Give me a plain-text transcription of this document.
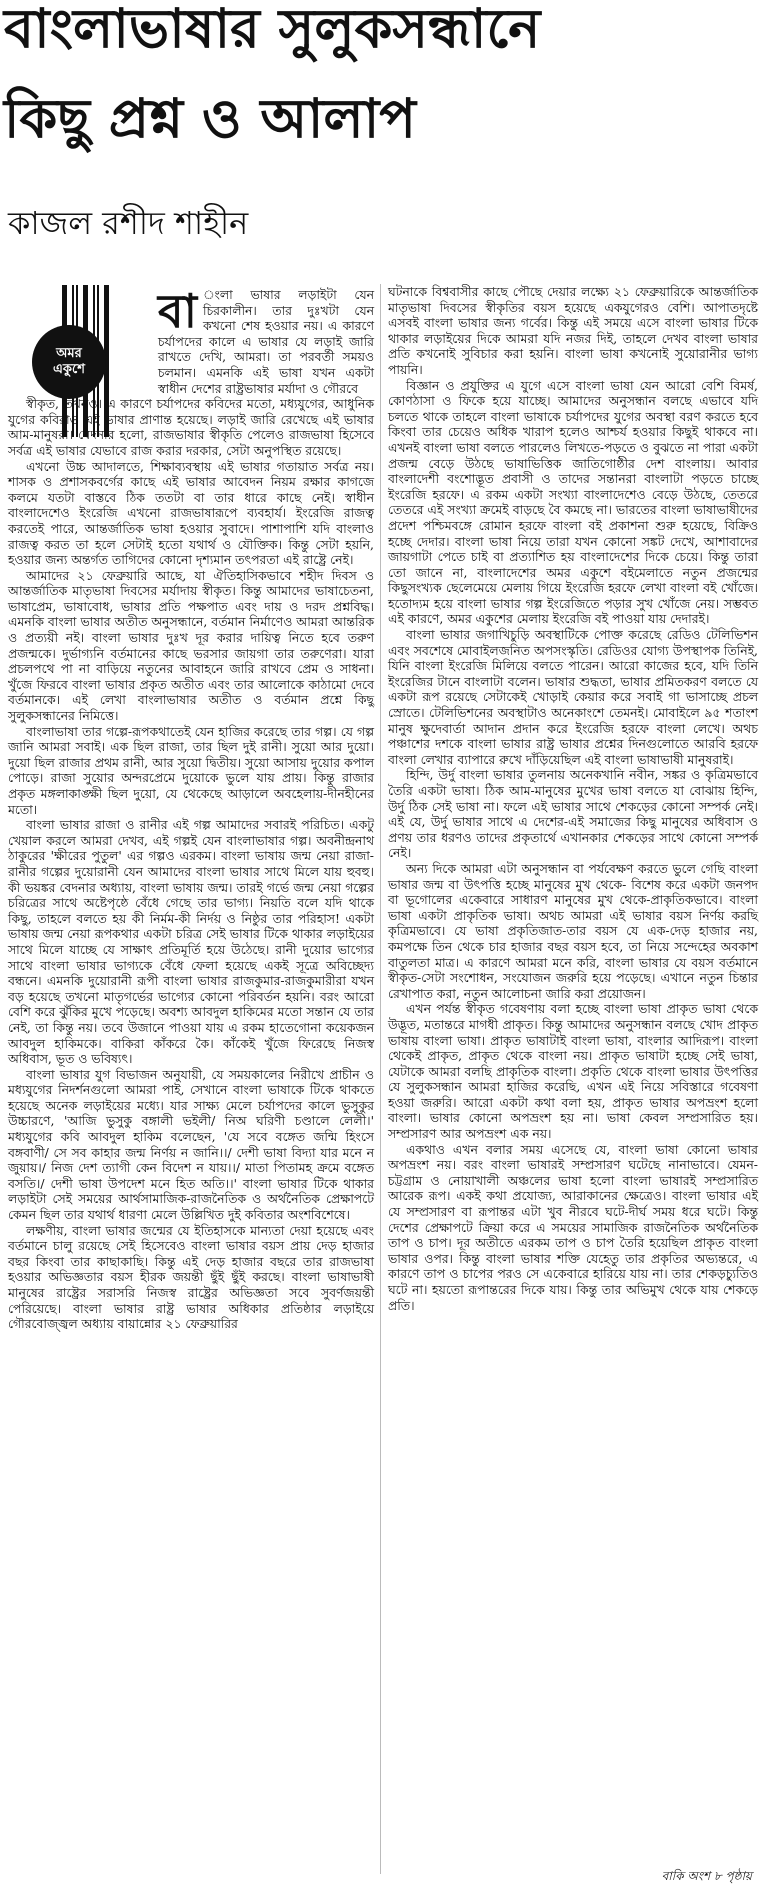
বাংলাভাষার সুলুকসন্ধানে
কিছু প্রশ্ন ও আলাপ
কাজল রশীদ শাহীন
অমর
একুশে

বা ংলা ভাষার লড়াইটা যেন চিরকালীন। তার দুঃখটা যেন কখনো শেষ হওয়ার নয়। এ কারণে চর্যাপদের কালে এ ভাষার যে লড়াই জারি রাখতে দেখি, আমরা। তা পরবর্তী সময়ও চলমান। এমনকি এই ভাষা যখন একটা স্বাধীন দেশের রাষ্ট্রভাষার মর্যাদা ও গৌরবে

স্বীকৃত, তখনও। এ কারণে চর্যাপদের কবিদের মতো, মধ্যযুগের, আধুনিক যুগের কবিরাও এই ভাষার প্রাণান্ত হয়েছে। লড়াই জারি রেখেছে এই ভাষার আম-মানুষরা। বেদনার হলো, রাজভাষার স্বীকৃতি পেলেও রাজভাষা হিসেবে সর্বত্র এই ভাষার যেভাবে রাজ করার দরকার, সেটা অনুপস্থিত রয়েছে।

এখনো উচ্চ আদালতে, শিক্ষাব্যবস্থায় এই ভাষার গতায়াত সর্বত্র নয়। শাসক ও প্রশাসকবর্গের কাছে এই ভাষার আবেদন নিয়ম রক্ষার কাগজে কলমে যতটা বাস্তবে ঠিক ততটা বা তার ধারে কাছে নেই। স্বাধীন বাংলাদেশেও ইংরেজি এখনো রাজভাষারূপে ব্যবহার্য। ইংরেজি রাজত্ব করতেই পারে, আন্তর্জাতিক ভাষা হওয়ার সুবাদে। পাশাপাশি যদি বাংলাও রাজত্ব করত তা হলে সেটাই হতো যথার্থ ও যৌক্তিক। কিন্তু সেটা হয়নি, হওয়ার জন্য অন্তর্গত তাগিদের কোনো দৃশ্যমান তৎপরতা এই রাষ্ট্রে নেই।

আমাদের ২১ ফেব্রুয়ারি আছে, যা ঐতিহাসিকভাবে শহীদ দিবস ও আন্তর্জাতিক মাতৃভাষা দিবসের মর্যাদায় স্বীকৃত। কিন্তু আমাদের ভাষাচেতনা, ভাষাপ্রেম, ভাষাবোধ, ভাষার প্রতি পক্ষপাত এবং দায় ও দরদ প্রশ্নবিদ্ধ। এমনকি বাংলা ভাষার অতীত অনুসন্ধানে, বর্তমান নির্মাণেও আমরা আন্তরিক ও প্রত্যয়ী নই। বাংলা ভাষার দুঃখ দূর করার দায়িত্ব নিতে হবে তরুণ প্রজন্মকে। দুর্ভাগ্যনি বর্তমানের কাছে ভরসার জায়গা তার তরুণেরা। যারা প্রচলপথে পা না বাড়িয়ে নতুনের আবাহনে জারি রাখবে প্রেম ও সাধনা। খুঁজে ফিরবে বাংলা ভাষার প্রকৃত অতীত এবং তার আলোকে কাঠামো দেবে বর্তমানকে। এই লেখা বাংলাভাষার অতীত ও বর্তমান প্রশ্নে কিছু সুলুকসন্ধানের নিমিত্তে।

বাংলাভাষা তার গল্পে-রূপকথাতেই যেন হাজির করেছে তার গল্প। যে গল্প জানি আমরা সবাই। এক ছিল রাজা, তার ছিল দুই রানী। সুয়ো আর দুয়ো। দুয়ো ছিল রাজার প্রথম রানী, আর সুয়ো দ্বিতীয়। সুয়ো আসায় দুয়োর কপাল পোড়ে। রাজা সুয়োর অন্দরপ্রেমে দুয়োকে ভুলে যায় প্রায়। কিন্তু রাজার প্রকৃত মঙ্গলাকাঙ্ক্ষী ছিল দুয়ো, যে থেকেছে আড়ালে অবহেলায়-দীনহীনের মতো।

বাংলা ভাষার রাজা ও রানীর এই গল্প আমাদের সবারই পরিচিত। একটু খেয়াল করলে আমরা দেখব, এই গল্পই যেন বাংলাভাষার গল্প। অবনীন্দ্রনাথ ঠাকুরের 'ক্ষীরের পুতুল' এর গল্পও এরকম। বাংলা ভাষায় জন্ম নেয়া রাজা-রানীর গল্পের দুয়োরানী যেন আমাদের বাংলা ভাষার সাথে মিলে যায় হুবহু। কী ভয়ঙ্কর বেদনার অধ্যায়, বাংলা ভাষায় জন্ম। তারই গর্ভে জন্ম নেয়া গল্পের চরিত্রের সাথে অষ্টেপৃষ্ঠে বেঁধে গেছে তার ভাগ্য। নিয়তি বলে যদি থাকে কিছু, তাহলে বলতে হয় কী নির্মম-কী নির্দয় ও নিষ্ঠুর তার পরিহাস! একটা ভাষায় জন্ম নেয়া রূপকথার একটা চরিত্র সেই ভাষার টিকে থাকার লড়াইয়ের সাথে মিলে যাচ্ছে যে সাক্ষাৎ প্রতিমূর্তি হয়ে উঠেছে। রানী দুয়োর ভাগ্যের সাথে বাংলা ভাষার ভাগ্যকে বেঁধে ফেলা হয়েছে একই সূত্রে অবিচ্ছেদ্য বন্ধনে। এমনকি দুয়োরানী রূপী বাংলা ভাষার রাজকুমার-রাজকুমারীরা যখন বড় হয়েছে তখনো মাতৃগর্ভের ভাগ্যের কোনো পরিবর্তন হয়নি। বরং আরো বেশি করে ঝুঁকির মুখে পড়েছে। অবশ্য আবদুল হাকিমের মতো সন্তান যে তার নেই, তা কিন্তু নয়। তবে উজানে পাওয়া যায় এ রকম হাতেগোনা কয়েকজন আবদুল হাকিমকে। বাকিরা কাঁকরে কৈ। কাঁকেই খুঁজে ফিরেছে নিজস্ব অধিবাস, ভূত ও ভবিষ্যৎ।

বাংলা ভাষার যুগ বিভাজন অনুযায়ী, যে সময়কালের নিরীখে প্রাচীন ও মধ্যযুগের নিদর্শনগুলো আমরা পাই, সেখানে বাংলা ভাষাকে টিকে থাকতে হয়েছে অনেক লড়াইয়ের মধ্যে। যার সাক্ষ্য মেলে চর্যাপদের কালে ভুসুকুর উচ্চারণে, 'আজি ভুসুকু বঙ্গালী ভইলী/ নিঅ ঘরিণী চণ্ডালে লেলী।' মধ্যযুগের কবি আবদুল হাকিম বলেছেন, 'যে সবে বঙ্গেত জন্মি হিংসে বঙ্গবাণী/ সে সব কাহার জন্ম নির্ণয় ন জানি।।/ দেশী ভাষা বিদ্যা যার মনে ন জুয়ায়।/ নিজ দেশ ত্যাগী কেন বিদেশ ন যায়।।/ মাতা পিতামহ ক্রমে বঙ্গেত বসতি।/ দেশী ভাষা উপদেশ মনে হিত অতি।।' বাংলা ভাষার টিকে থাকার লড়াইটা সেই সময়ের আর্থসামাজিক-রাজনৈতিক ও অর্থনৈতিক প্রেক্ষাপটে কেমন ছিল তার যথার্থ ধারণা মেলে উল্লিখিত দুই কবিতার অংশবিশেষে।

লক্ষণীয়, বাংলা ভাষার জন্মের যে ইতিহাসকে মান্যতা দেয়া হয়েছে এবং বর্তমানে চালু রয়েছে সেই হিসেবেও বাংলা ভাষার বয়স প্রায় দেড় হাজার বছর কিংবা তার কাছাকাছি। কিন্তু এই দেড় হাজার বছরে তার রাজভাষা হওয়ার অভিজ্ঞতার বয়স হীরক জয়ন্তী ছুঁই ছুঁই করছে। বাংলা ভাষাভাষী মানুষের রাষ্ট্রের সরাসরি নিজস্ব রাষ্ট্রের অভিজ্ঞতা সবে সুবর্ণজয়ন্তী পেরিয়েছে। বাংলা ভাষার রাষ্ট্র ভাষার অধিকার প্রতিষ্ঠার লড়াইয়ে গৌরবোজ্জ্বল অধ্যায় বায়ান্নোর ২১ ফেব্রুয়ারির

ঘটনাকে বিশ্ববাসীর কাছে পৌছে দেয়ার লক্ষ্যে ২১ ফেব্রুয়ারিকে আন্তর্জাতিক মাতৃভাষা দিবসের স্বীকৃতির বয়স হয়েছে একযুগেরও বেশি। আপাতদৃষ্টে এসবই বাংলা ভাষার জন্য গর্বের। কিন্তু এই সময়ে এসে বাংলা ভাষার টিকে থাকার লড়াইয়ের দিকে আমরা যদি নজর দিই, তাহলে দেখব বাংলা ভাষার প্রতি কখনোই সুবিচার করা হয়নি। বাংলা ভাষা কখনোই সুয়োরানীর ভাগ্য পায়নি।

বিজ্ঞান ও প্রযুক্তির এ যুগে এসে বাংলা ভাষা যেন আরো বেশি বিমর্ষ, কোণঠাসা ও ফিকে হয়ে যাচ্ছে। আমাদের অনুসন্ধান বলছে এভাবে যদি চলতে থাকে তাহলে বাংলা ভাষাকে চর্যাপদের যুগের অবস্থা বরণ করতে হবে কিংবা তার চেয়েও অধিক খারাপ হলেও আশ্চর্য হওয়ার কিছুই থাকবে না। এখনই বাংলা ভাষা বলতে পারলেও লিখতে-পড়তে ও বুঝতে না পারা একটা প্রজন্ম বেড়ে উঠছে ভাষাভিত্তিক জাতিগোষ্ঠীর দেশ বাংলায়। আবার বাংলাদেশী বংশোদ্ভূত প্রবাসী ও তাদের সন্তানরা বাংলাটা পড়তে চাচ্ছে ইংরেজি হরফে। এ রকম একটা সংখ্যা বাংলাদেশেও বেড়ে উঠছে, তেতরে তেতরে এই সংখ্যা ক্রমেই বাড়ছে বৈ কমছে না। ভারতের বাংলা ভাষাভাষীদের প্রদেশ পশ্চিমবঙ্গে রোমান হরফে বাংলা বই প্রকাশনা শুরু হয়েছে, বিক্রিও হচ্ছে দেদার। বাংলা ভাষা নিয়ে তারা যখন কোনো সঙ্কট দেখে, আশাবাদের জায়গাটা পেতে চাই বা প্রত্যাশিত হয় বাংলাদেশের দিকে চেয়ে। কিন্তু তারা তো জানে না, বাংলাদেশের অমর একুশে বইমেলাতে নতুন প্রজন্মের কিছুসংখ্যক ছেলেমেয়ে মেলায় গিয়ে ইংরেজি হরফে লেখা বাংলা বই খোঁজে। হতোদ্যম হয়ে বাংলা ভাষার গল্প ইংরেজিতে পড়ার সুখ খোঁজে নেয়। সম্ভবত এই কারণে, অমর একুশের মেলায় ইংরেজি বই পাওয়া যায় দেদারই।

বাংলা ভাষার জগাখিচুড়ি অবস্থাটিকে পোক্ত করেছে রেডিও টেলিভিশন এবং সবশেষে মোবাইলজনিত অপসংস্কৃতি। রেডিওর যোগ্য উপস্থাপক তিনিই, যিনি বাংলা ইংরেজি মিলিয়ে বলতে পারেন। আরো কাজের হবে, যদি তিনি ইংরেজির টানে বাংলাটা বলেন। ভাষার শুদ্ধতা, ভাষার প্রমিতকরণ বলতে যে একটা রূপ রয়েছে সেটাকেই খোড়াই কেয়ার করে সবাই গা ভাসাচ্ছে প্রচল স্রোতে। টেলিভিশনের অবস্থাটাও অনেকাংশে তেমনই। মোবাইলে ৯৫ শতাংশ মানুষ ক্ষুদেবার্তা আদান প্রদান করে ইংরেজি হরফে বাংলা লেখে। অথচ পঞ্চাশের দশকে বাংলা ভাষার রাষ্ট্র ভাষার প্রশ্নের দিনগুলোতে আরবি হরফে বাংলা লেখার ব্যাপারে রুখে দাঁড়িয়েছিল এই বাংলা ভাষাভাষী মানুষরাই।

হিন্দি, উর্দু বাংলা ভাষার তুলনায় অনেকখানি নবীন, সঙ্কর ও কৃত্রিমভাবে তৈরি একটা ভাষা। ঠিক আম-মানুষের মুখের ভাষা বলতে যা বোঝায় হিন্দি, উর্দু ঠিক সেই ভাষা না। ফলে এই ভাষার সাথে শেকড়ের কোনো সম্পর্ক নেই। এই যে, উর্দু ভাষার সাথে এ দেশের-এই সমাজের কিছু মানুষের অধিবাস ও প্রণয় তার ধরণও তাদের প্রকৃতার্থে এখানকার শেকড়ের সাথে কোনো সম্পর্ক নেই।

অন্য দিকে আমরা এটা অনুসন্ধান বা পর্যবেক্ষণ করতে ভুলে গেছি বাংলা ভাষার জন্ম বা উৎপত্তি হচ্ছে মানুষের মুখ থেকে- বিশেষ করে একটা জনপদ বা ভূগোলের একেবারে সাধারণ মানুষের মুখ থেকে-প্রাকৃতিকভাবে। বাংলা ভাষা একটা প্রাকৃতিক ভাষা। অথচ আমরা এই ভাষার বয়স নির্ণয় করছি কৃত্রিমভাবে। যে ভাষা প্রকৃতিজাত-তার বয়স যে এক-দেড় হাজার নয়, কমপক্ষে তিন থেকে চার হাজার বছর বয়স হবে, তা নিয়ে সন্দেহের অবকাশ বাতুলতা মাত্র। এ কারণে আমরা মনে করি, বাংলা ভাষার যে বয়স বর্তমানে স্বীকৃত-সেটা সংশোধন, সংযোজন জরুরি হয়ে পড়েছে। এখানে নতুন চিন্তার রেখাপাত করা, নতুন আলোচনা জারি করা প্রয়োজন।

এখন পর্যন্ত স্বীকৃত গবেষণায় বলা হচ্ছে বাংলা ভাষা প্রাকৃত ভাষা থেকে উদ্ভূত, মতান্তরে মাগধী প্রাকৃত। কিন্তু আমাদের অনুসন্ধান বলছে খোদ প্রাকৃত ভাষায় বাংলা ভাষা। প্রাকৃত ভাষাটাই বাংলা ভাষা, বাংলার আদিরূপ। বাংলা থেকেই প্রাকৃত, প্রাকৃত থেকে বাংলা নয়। প্রাকৃত ভাষাটা হচ্ছে সেই ভাষা, যেটাকে আমরা বলছি প্রাকৃতিক বাংলা। প্রকৃতি থেকে বাংলা ভাষার উৎপত্তির যে সুলুকসন্ধান আমরা হাজির করেছি, এখন এই নিয়ে সবিস্তারে গবেষণা হওয়া জরুরি। আরো একটা কথা বলা হয়, প্রাকৃত ভাষার অপভ্রংশ হলো বাংলা। ভাষার কোনো অপভ্রংশ হয় না। ভাষা কেবল সম্প্রসারিত হয়। সম্প্রসারণ আর অপভ্রংশ এক নয়।

একথাও এখন বলার সময় এসেছে যে, বাংলা ভাষা কোনো ভাষার অপভ্রংশ নয়। বরং বাংলা ভাষারই সম্প্রসারণ ঘটেছে নানাভাবে। যেমন- চট্টগ্রাম ও নোয়াখালী অঞ্চলের ভাষা হলো বাংলা ভাষারই সম্প্রসারিত আরেক রূপ। একই কথা প্রযোজ্য, আরাকানের ক্ষেত্রেও। বাংলা ভাষার এই যে সম্প্রসারণ বা রূপান্তর এটা খুব নীরবে ঘটে-দীর্ঘ সময় ধরে ঘটে। কিন্তু দেশের প্রেক্ষাপটে ক্রিয়া করে এ সময়ের সামাজিক রাজনৈতিক অর্থনৈতিক তাপ ও চাপ। দূর অতীতে এরকম তাপ ও চাপ তৈরি হয়েছিল প্রাকৃত বাংলা ভাষার ওপর। কিন্তু বাংলা ভাষার শক্তি যেহেতু তার প্রকৃতির অভ্যন্তরে, এ কারণে তাপ ও চাপের পরও সে একেবারে হারিয়ে যায় না। তার শেকড়চ্যুতিও ঘটে না। হয়তো রূপান্তরের দিকে যায়। কিন্তু তার অভিমুখ থেকে যায় শেকড়ে প্রতি।

বাকি অংশ ৮ পৃষ্ঠায়
